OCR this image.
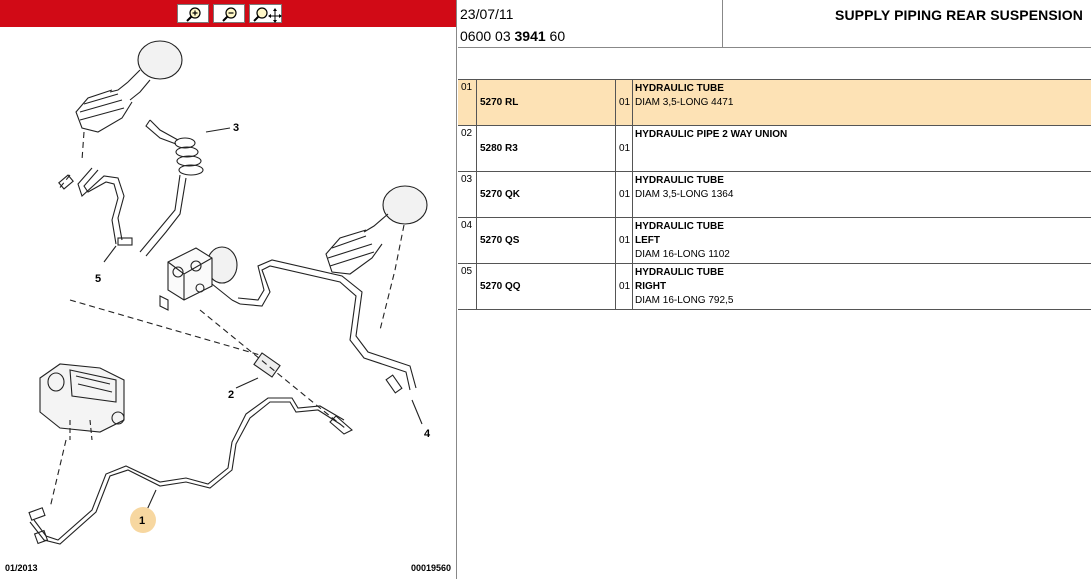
1
2
3
4
5
01/2013	00019560
23/07/11
0600 03 3941 60
SUPPLY PIPING REAR SUSPENSION
01
5270 RL	01
HYDRAULIC TUBE
DIAM 3,5-LONG 4471
02
5280 R3	01
HYDRAULIC PIPE 2 WAY UNION
03
5270 QK	01
HYDRAULIC TUBE
DIAM 3,5-LONG 1364
04
5270 QS	01
HYDRAULIC TUBE
LEFT
DIAM 16-LONG 1102
05
5270 QQ	01
HYDRAULIC TUBE
RIGHT
DIAM 16-LONG 792,5
